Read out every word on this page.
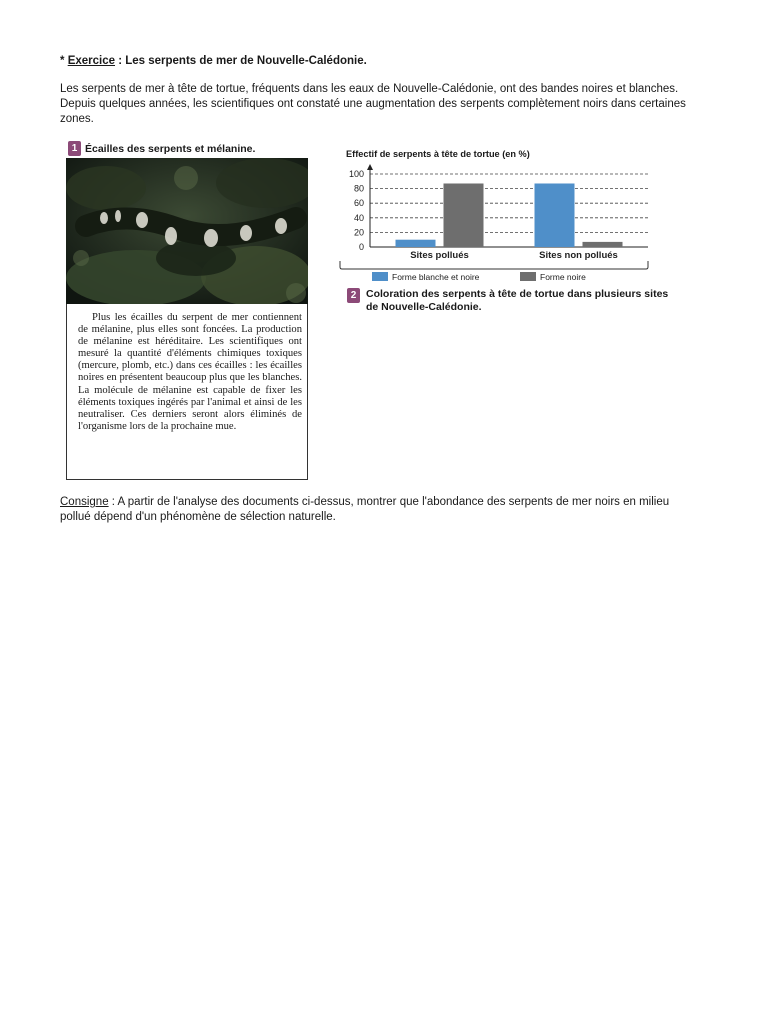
* Exercice : Les serpents de mer de Nouvelle-Calédonie.
Les serpents de mer à tête de tortue, fréquents dans les eaux de Nouvelle-Calédonie, ont des bandes noires et blanches. Depuis quelques années, les scientifiques ont constaté une augmentation des serpents complètement noirs dans certaines zones.
1 Écailles des serpents et mélanine.
Plus les écailles du serpent de mer contiennent de mélanine, plus elles sont foncées. La production de mélanine est héréditaire. Les scientifiques ont mesuré la quantité d'éléments chimiques toxiques (mercure, plomb, etc.) dans ces écailles : les écailles noires en présentent beaucoup plus que les blanches. La molécule de mélanine est capable de fixer les éléments toxiques ingérés par l'animal et ainsi de les neutraliser. Ces derniers seront alors éliminés de l'organisme lors de la prochaine mue.
Effectif de serpents à tête de tortue (en %)
0
20
40
60
80
100
Sites pollués	Sites non pollués
Forme blanche et noire	Forme noire
2 Coloration des serpents à tête de tortue dans plusieurs sites de Nouvelle-Calédonie.
Consigne : A partir de l'analyse des documents ci-dessus, montrer que l'abondance des serpents de mer noirs en milieu pollué dépend d'un phénomène de sélection naturelle.
